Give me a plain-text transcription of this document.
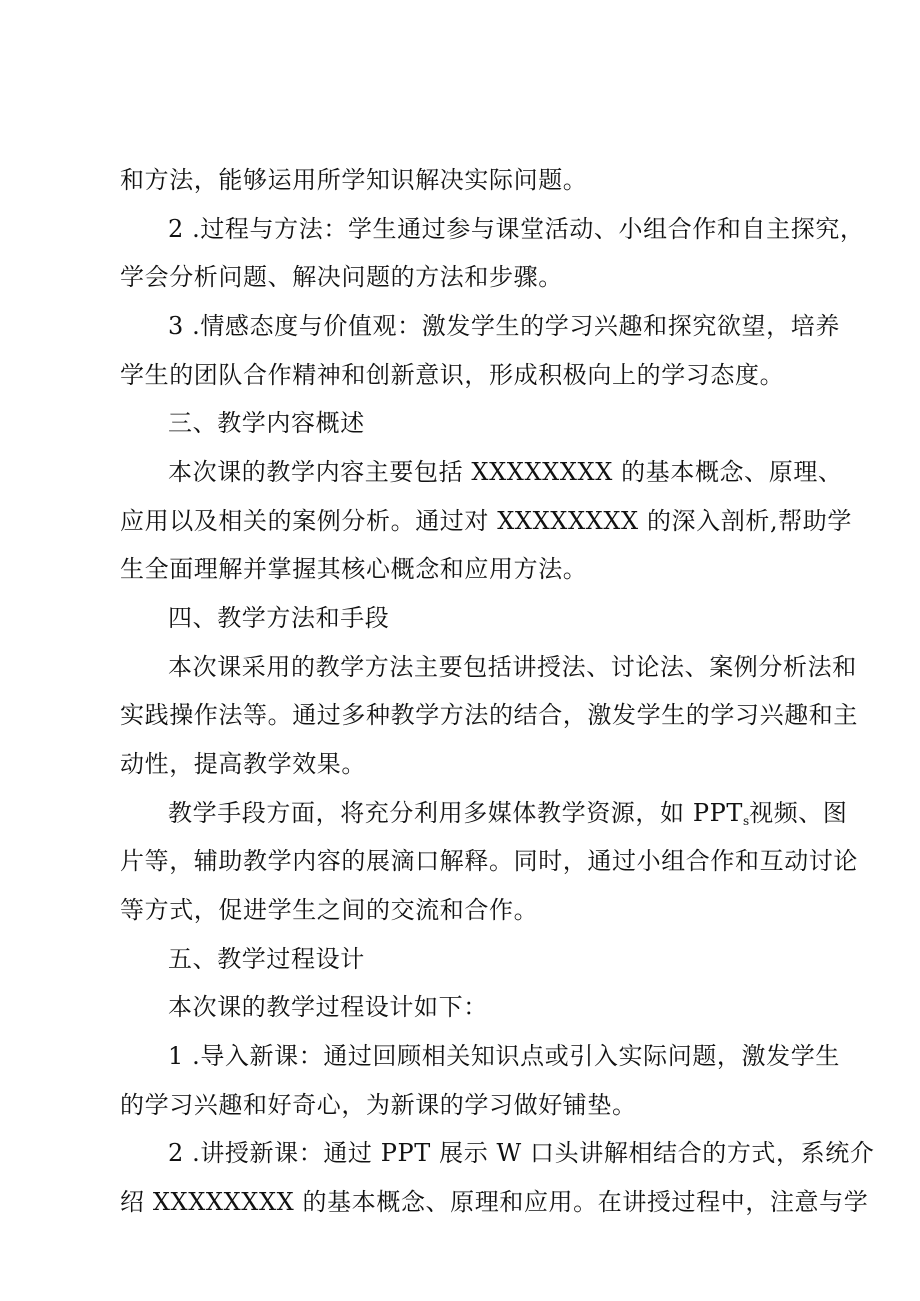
和方法，能够运用所学知识解决实际问题。
2 .过程与方法：学生通过参与课堂活动、小组合作和自主探究，
学会分析问题、解决问题的方法和步骤。
3 .情感态度与价值观：激发学生的学习兴趣和探究欲望，培养
学生的团队合作精神和创新意识，形成积极向上的学习态度。
三、教学内容概述
本次课的教学内容主要包括 XXXXXXXX 的基本概念、原理、
应用以及相关的案例分析。通过对 XXXXXXXX 的深入剖析,帮助学
生全面理解并掌握其核心概念和应用方法。
四、教学方法和手段
本次课采用的教学方法主要包括讲授法、讨论法、案例分析法和
实践操作法等。通过多种教学方法的结合，激发学生的学习兴趣和主
动性，提高教学效果。
教学手段方面，将充分利用多媒体教学资源，如 $PPT_s$视频、图
片等，辅助教学内容的展滴口解释。同时，通过小组合作和互动讨论
等方式，促进学生之间的交流和合作。
五、教学过程设计
本次课的教学过程设计如下：
1 .导入新课：通过回顾相关知识点或引入实际问题，激发学生
的学习兴趣和好奇心，为新课的学习做好铺垫。
2 .讲授新课：通过 PPT 展示 W 口头讲解相结合的方式，系统介
绍 XXXXXXXX 的基本概念、原理和应用。在讲授过程中，注意与学
